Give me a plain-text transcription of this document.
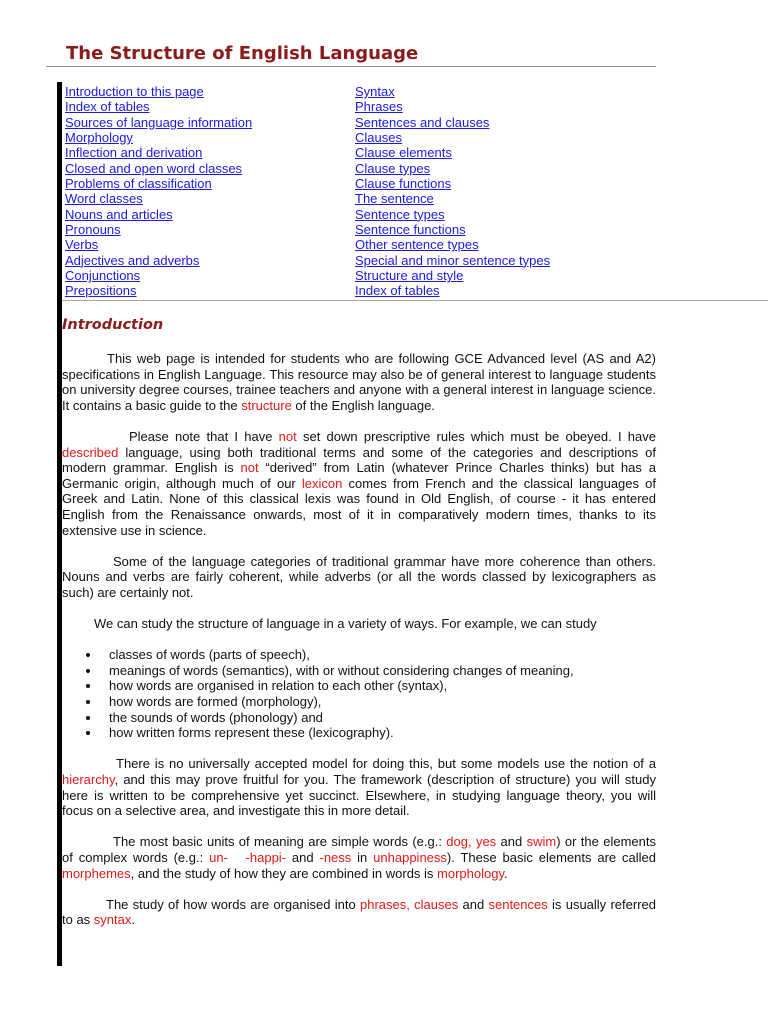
The Structure of English Language
Introduction to this page
Index of tables
Sources of language information
Morphology
Inflection and derivation
Closed and open word classes
Problems of classification
Word classes
Nouns and articles
Pronouns
Verbs
Adjectives and adverbs
Conjunctions
Prepositions
Syntax
Phrases
Sentences and clauses
Clauses
Clause elements
Clause types
Clause functions
The sentence
Sentence types
Sentence functions
Other sentence types
Special and minor sentence types
Structure and style
Index of tables
Introduction

This web page is intended for students who are following GCE Advanced level (AS and A2) specifications in English Language. This resource may also be of general interest to language students on university degree courses, trainee teachers and anyone with a general interest in language science. It contains a basic guide to the structure of the English language.

Please note that I have not set down prescriptive rules which must be obeyed. I have described language, using both traditional terms and some of the categories and descriptions of modern grammar. English is not “derived” from Latin (whatever Prince Charles thinks) but has a Germanic origin, although much of our lexicon comes from French and the classical languages of Greek and Latin. None of this classical lexis was found in Old English, of course - it has entered English from the Renaissance onwards, most of it in comparatively modern times, thanks to its extensive use in science.

Some of the language categories of traditional grammar have more coherence than others. Nouns and verbs are fairly coherent, while adverbs (or all the words classed by lexicographers as such) are certainly not.

We can study the structure of language in a variety of ways. For example, we can study

classes of words (parts of speech),
meanings of words (semantics), with or without considering changes of meaning,
how words are organised in relation to each other (syntax),
how words are formed (morphology),
the sounds of words (phonology) and
how written forms represent these (lexicography).

There is no universally accepted model for doing this, but some models use the notion of a hierarchy, and this may prove fruitful for you. The framework (description of structure) you will study here is written to be comprehensive yet succinct. Elsewhere, in studying language theory, you will focus on a selective area, and investigate this in more detail.

The most basic units of meaning are simple words (e.g.: dog, yes and swim) or the elements of complex words (e.g.: un- -happi- and -ness in unhappiness). These basic elements are called morphemes, and the study of how they are combined in words is morphology.

The study of how words are organised into phrases, clauses and sentences is usually referred to as syntax.
